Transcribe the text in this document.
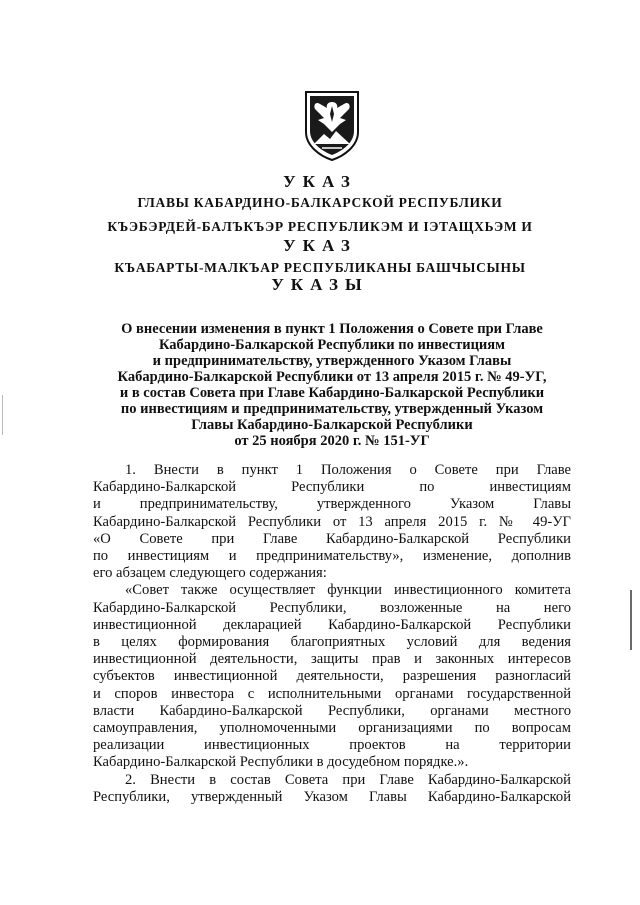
УКАЗ
ГЛАВЫ КАБАРДИНО-БАЛКАРСКОЙ РЕСПУБЛИКИ
КЪЭБЭРДЕЙ-БАЛЪКЪЭР РЕСПУБЛИКЭМ И ІЭТАЩХЬЭМ И
УКАЗ
КЪАБАРТЫ-МАЛКЪАР РЕСПУБЛИКАНЫ БАШЧЫСЫНЫ
УКАЗЫ
О внесении изменения в пункт 1 Положения о Совете при Главе
Кабардино-Балкарской Республики по инвестициям
и предпринимательству, утвержденного Указом Главы
Кабардино-Балкарской Республики от 13 апреля 2015 г. № 49-УГ,
и в состав Совета при Главе Кабардино-Балкарской Республики
по инвестициям и предпринимательству, утвержденный Указом
Главы Кабардино-Балкарской Республики
от 25 ноября 2020 г. № 151-УГ

1. Внести в пункт 1 Положения о Совете при Главе
Кабардино-Балкарской Республики по инвестициям
и предпринимательству, утвержденного Указом Главы
Кабардино-Балкарской Республики от 13 апреля 2015 г. № 49-УГ
«О Совете при Главе Кабардино-Балкарской Республики
по инвестициям и предпринимательству», изменение, дополнив
его абзацем следующего содержания:

«Совет также осуществляет функции инвестиционного комитета
Кабардино-Балкарской Республики, возложенные на него
инвестиционной декларацией Кабардино-Балкарской Республики
в целях формирования благоприятных условий для ведения
инвестиционной деятельности, защиты прав и законных интересов
субъектов инвестиционной деятельности, разрешения разногласий
и споров инвестора с исполнительными органами государственной
власти Кабардино-Балкарской Республики, органами местного
самоуправления, уполномоченными организациями по вопросам
реализации инвестиционных проектов на территории
Кабардино-Балкарской Республики в досудебном порядке.».

2. Внести в состав Совета при Главе Кабардино-Балкарской
Республики, утвержденный Указом Главы Кабардино-Балкарской
